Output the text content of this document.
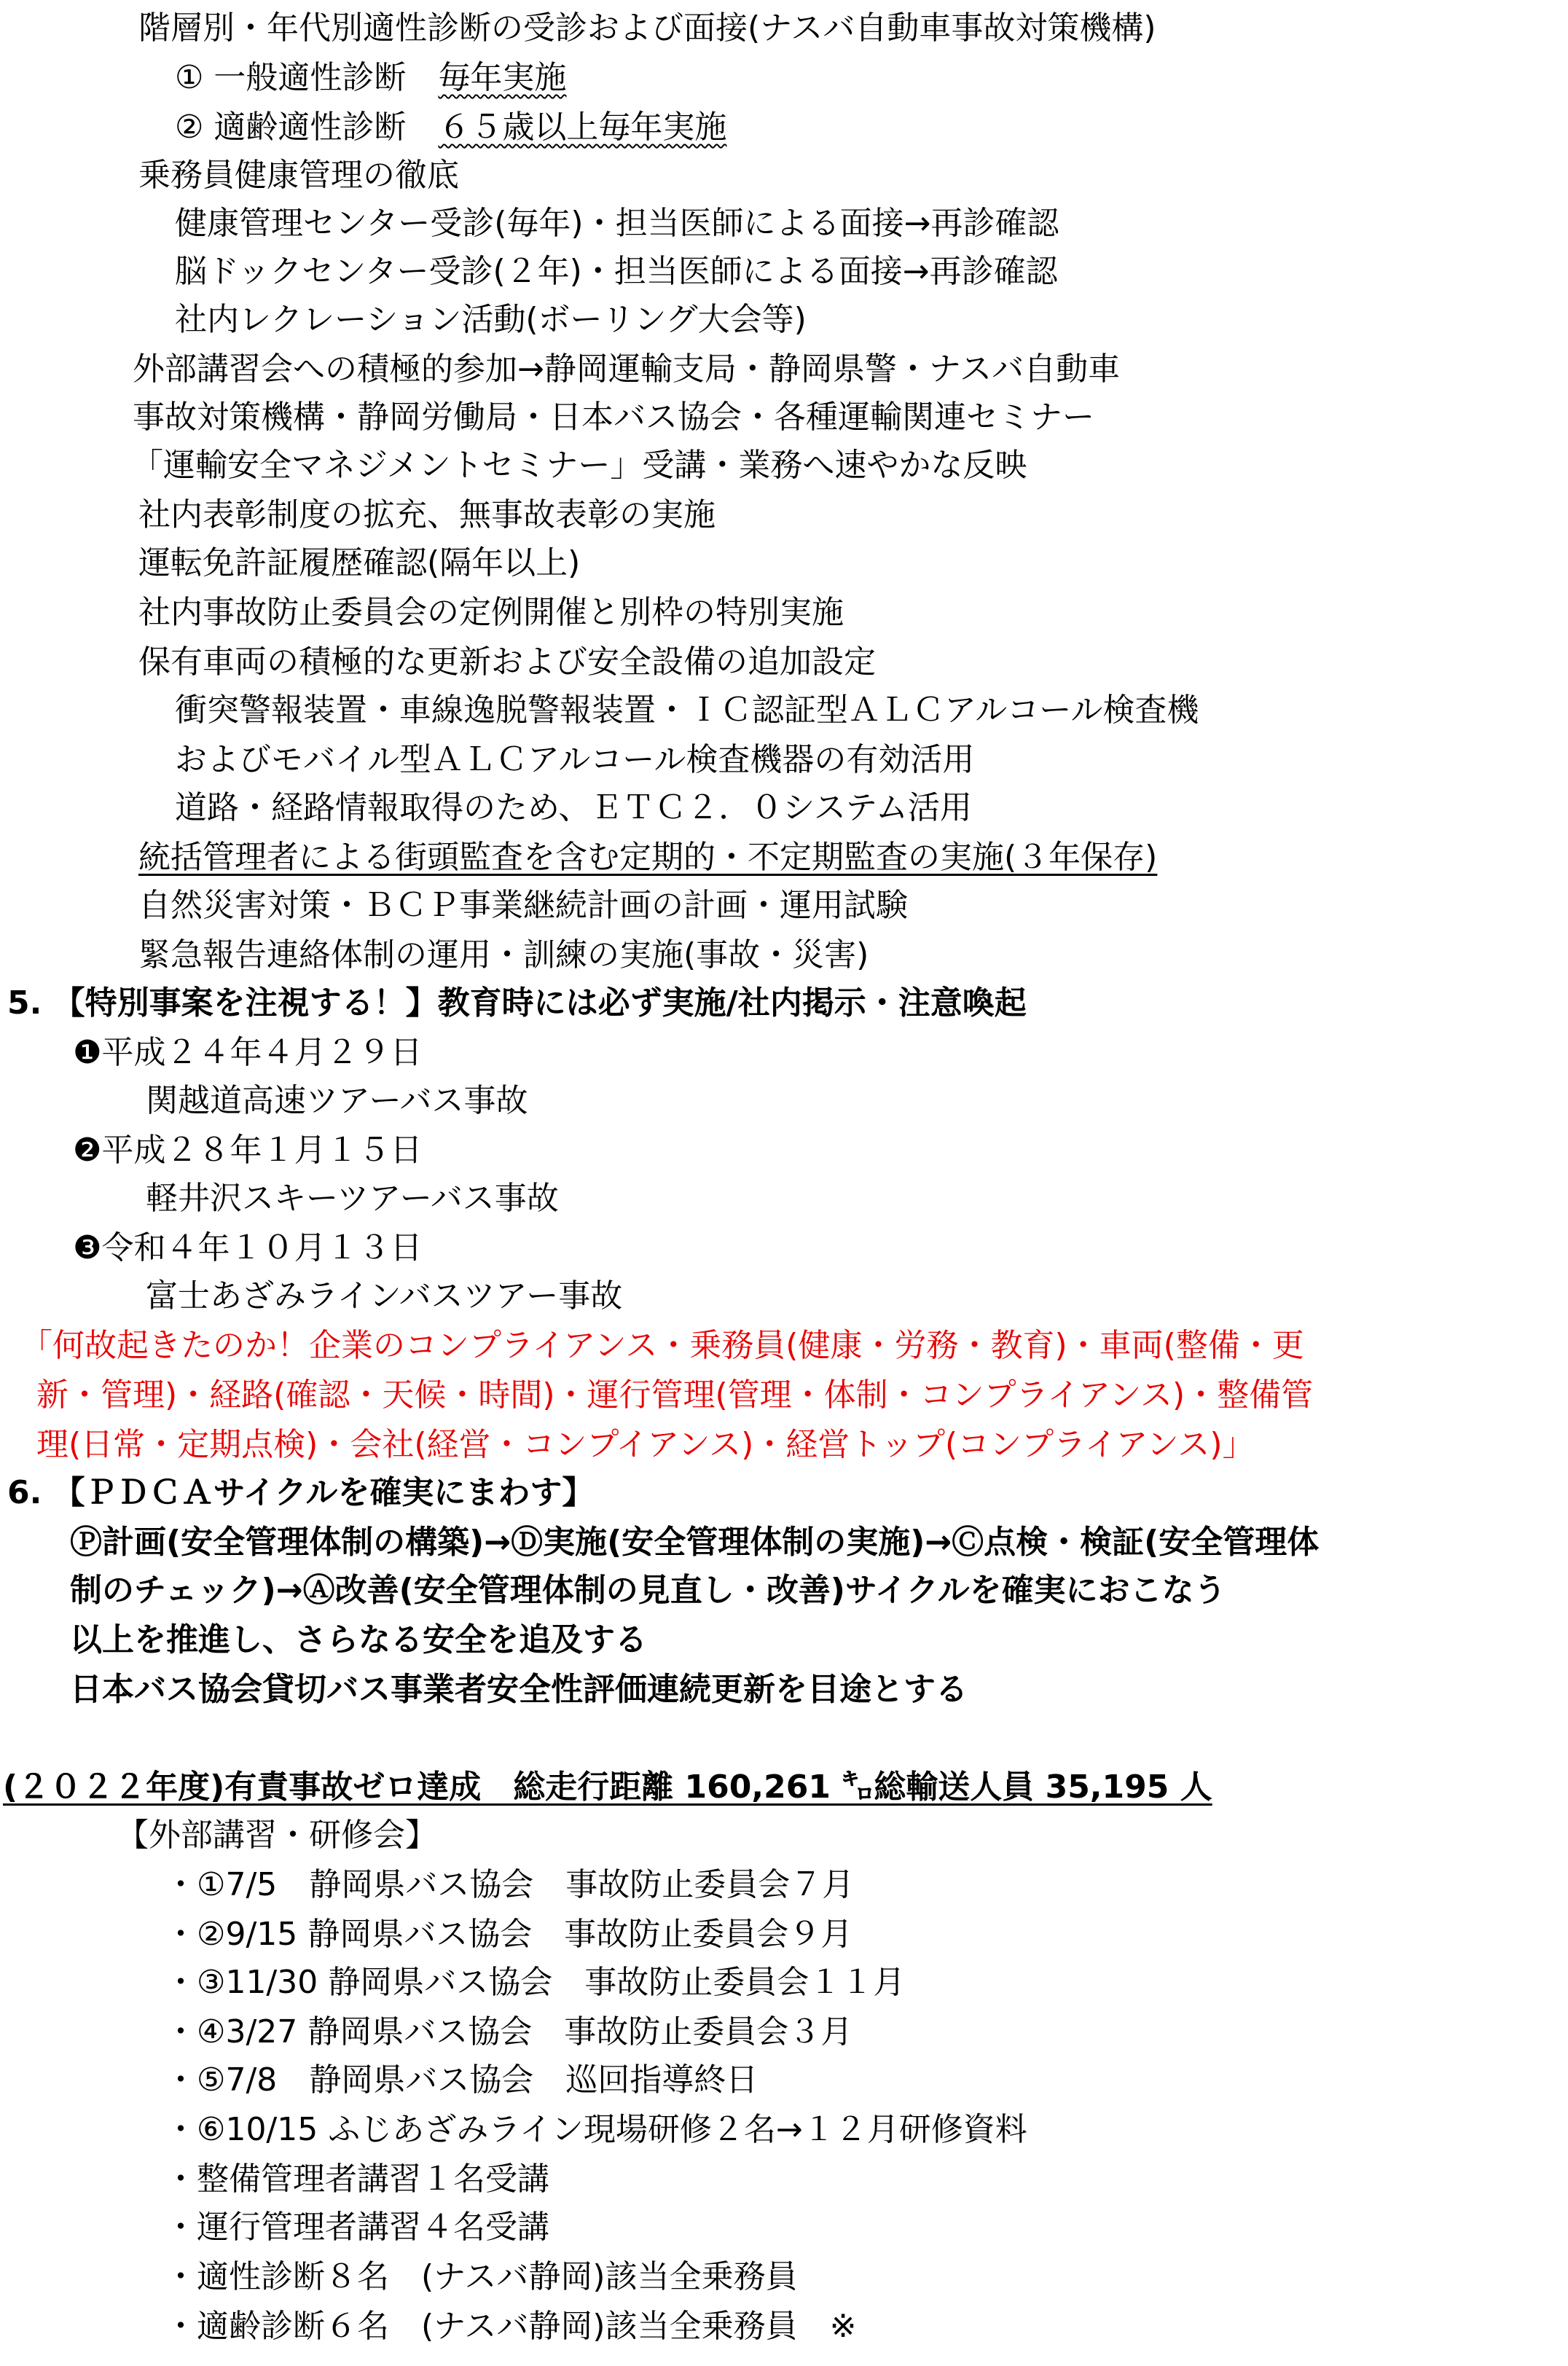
階層別・年代別適性診断の受診および面接(ナスバ自動車事故対策機構)
① 一般適性診断　毎年実施
② 適齢適性診断　６５歳以上毎年実施
乗務員健康管理の徹底
健康管理センター受診(毎年)・担当医師による面接→再診確認
脳ドックセンター受診(２年)・担当医師による面接→再診確認
社内レクレーション活動(ボーリング大会等)
外部講習会への積極的参加→静岡運輸支局・静岡県警・ナスバ自動車
事故対策機構・静岡労働局・日本バス協会・各種運輸関連セミナー
「運輸安全マネジメントセミナー」受講・業務へ速やかな反映
社内表彰制度の拡充、無事故表彰の実施
運転免許証履歴確認(隔年以上)
社内事故防止委員会の定例開催と別枠の特別実施
保有車両の積極的な更新および安全設備の追加設定
衝突警報装置・車線逸脱警報装置・ＩＣ認証型ＡＬＣアルコール検査機
およびモバイル型ＡＬＣアルコール検査機器の有効活用
道路・経路情報取得のため、ＥＴＣ２．０システム活用
統括管理者による街頭監査を含む定期的・不定期監査の実施(３年保存)
自然災害対策・ＢＣＰ事業継続計画の計画・運用試験
緊急報告連絡体制の運用・訓練の実施(事故・災害)
5. 【特別事案を注視する！】教育時には必ず実施/社内掲示・注意喚起
❶平成２４年４月２９日
関越道高速ツアーバス事故
❷平成２８年１月１５日
軽井沢スキーツアーバス事故
❸令和４年１０月１３日
富士あざみラインバスツアー事故
「何故起きたのか！企業のコンプライアンス・乗務員(健康・労務・教育)・車両(整備・更
新・管理)・経路(確認・天候・時間)・運行管理(管理・体制・コンプライアンス)・整備管
理(日常・定期点検)・会社(経営・コンプイアンス)・経営トップ(コンプライアンス)」
6. 【ＰＤＣＡサイクルを確実にまわす】
Ⓟ計画(安全管理体制の構築)→Ⓓ実施(安全管理体制の実施)→Ⓒ点検・検証(安全管理体
制のチェック)→Ⓐ改善(安全管理体制の見直し・改善)サイクルを確実におこなう
以上を推進し、さらなる安全を追及する
日本バス協会貸切バス事業者安全性評価連続更新を目途とする
(２０２２年度)有責事故ゼロ達成　総走行距離 160,261 ㌔総輸送人員 35,195 人
【外部講習・研修会】
・①7/5　静岡県バス協会　事故防止委員会７月
・②9/15 静岡県バス協会　事故防止委員会９月
・③11/30 静岡県バス協会　事故防止委員会１１月
・④3/27 静岡県バス協会　事故防止委員会３月
・⑤7/8　静岡県バス協会　巡回指導終日
・⑥10/15 ふじあざみライン現場研修２名→１２月研修資料
・整備管理者講習１名受講
・運行管理者講習４名受講
・適性診断８名　(ナスバ静岡)該当全乗務員
・適齢診断６名　(ナスバ静岡)該当全乗務員　※
